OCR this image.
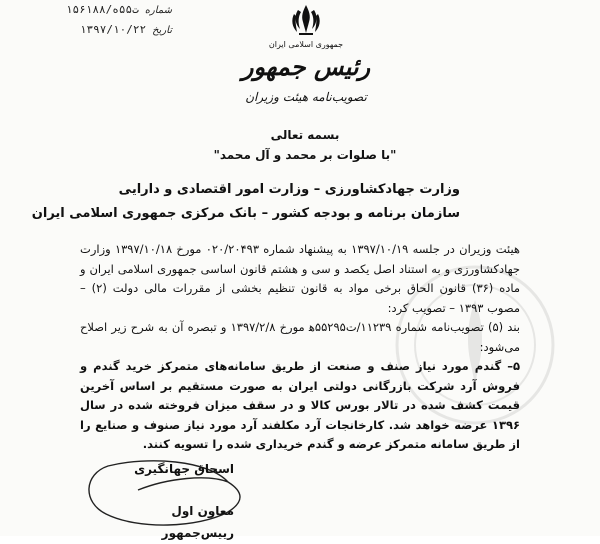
شماره
۱۵۶۱۸۸/ت۵۵ه
تاریخ
۱۳۹۷/۱۰/۲۲
جمهوری اسلامی ایران
رئیس جمهور
تصویب‌نامه هیئت وزیران
بسمه تعالی
"با صلوات بر محمد و آل محمد"
وزارت جهادکشاورزی – وزارت امور اقتصادی و دارایی
سازمان برنامه و بودجه کشور – بانک مرکزی جمهوری اسلامی ایران

هیئت وزیران در جلسه ۱۳۹۷/۱۰/۱۹ به پیشنهاد شماره ۰۲۰/۲۰۴۹۳ مورخ ۱۳۹۷/۱۰/۱۸ وزارت جهادکشاورزی و به استناد اصل یکصد و سی و هشتم قانون اساسی جمهوری اسلامی ایران و ماده (۳۶) قانون الحاق برخی مواد به قانون تنظیم بخشی از مقررات مالی دولت (۲) – مصوب ۱۳۹۳ – تصویب کرد:

بند (۵) تصویب‌نامه شماره ۱۱۲۳۹/ت۵۵۲۹۵ﻫ مورخ ۱۳۹۷/۲/۸ و تبصره آن به شرح زیر اصلاح می‌شود:

۵– گندم مورد نیاز صنف و صنعت از طریق سامانه‌های متمرکز خرید گندم و فروش آرد شرکت بازرگانی دولتی ایران به صورت مستقیم بر اساس آخرین قیمت کشف شده در تالار بورس کالا و در سقف میزان فروخته شده در سال ۱۳۹۶ عرضه خواهد شد. کارخانجات آرد مکلفند آرد مورد نیاز صنوف و صنایع را از طریق سامانه متمرکز عرضه و گندم خریداری شده را تسویه کنند.

اسحاق جهانگیری
معاون اول رییس‌جمهور
